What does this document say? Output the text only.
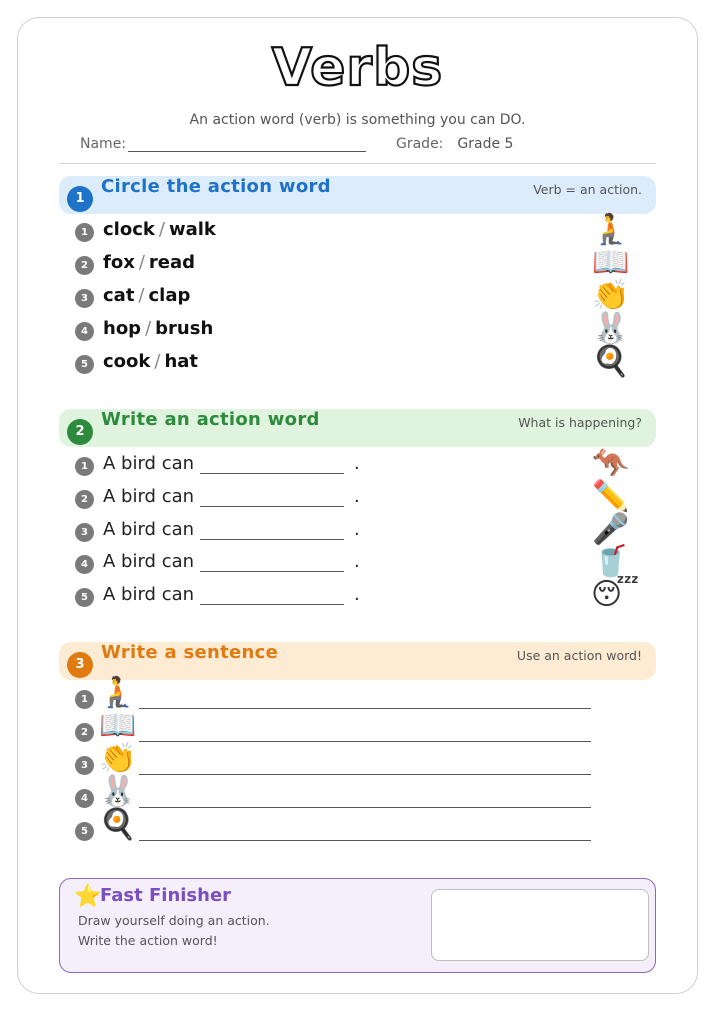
Verbs
An action word (verb) is something you can DO.
Name:	Grade: Grade 5
1
Circle the action word	Verb = an action.
1 clock / walk	🧎
2 fox / read	📖
3 cat / clap	👏
4 hop / brush	🐰
5 cook / hat	🍳
2
Write an action word	What is happening?
1 A bird can	.	🦘
2 A bird can	.	✏️
3 A bird can	.	🎤
4 A bird can	.	🥤
5 A bird can	.	😴
3
Write a sentence	Use an action word!
1 🧎
2 📖
3 👏
4 🐰
5 🍳
⭐
Fast Finisher
Draw yourself doing an action.
Write the action word!
